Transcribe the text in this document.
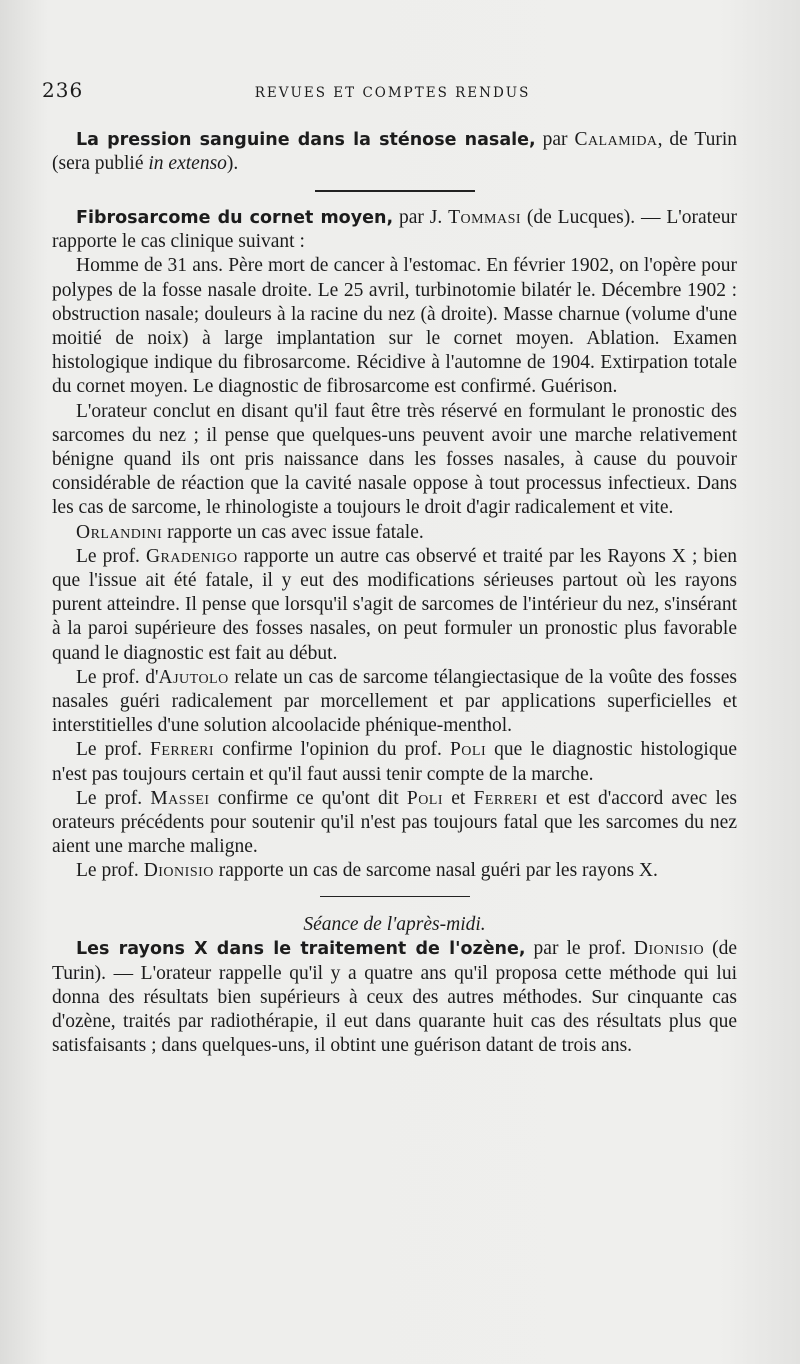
236	REVUES ET COMPTES RENDUS

La pression sanguine dans la sténose nasale, par Calamida, de Turin (sera publié in extenso).

Fibrosarcome du cornet moyen, par J. Tommasi (de Lucques). — L'orateur rapporte le cas clinique suivant :

Homme de 31 ans. Père mort de cancer à l'estomac. En février 1902, on l'opère pour polypes de la fosse nasale droite. Le 25 avril, turbinotomie bilatér le. Décembre 1902 : obstruction nasale; douleurs à la racine du nez (à droite). Masse charnue (volume d'une moitié de noix) à large implantation sur le cornet moyen. Ablation. Examen histologique indique du fibrosarcome. Récidive à l'automne de 1904. Extirpation totale du cornet moyen. Le diagnostic de fibrosarcome est confirmé. Guérison.

L'orateur conclut en disant qu'il faut être très réservé en formulant le pronostic des sarcomes du nez ; il pense que quelques-uns peuvent avoir une marche relativement bénigne quand ils ont pris naissance dans les fosses nasales, à cause du pouvoir considérable de réaction que la cavité nasale oppose à tout processus infectieux. Dans les cas de sarcome, le rhinologiste a toujours le droit d'agir radicalement et vite.

Orlandini rapporte un cas avec issue fatale.

Le prof. Gradenigo rapporte un autre cas observé et traité par les Rayons X ; bien que l'issue ait été fatale, il y eut des modifications sérieuses partout où les rayons purent atteindre. Il pense que lorsqu'il s'agit de sarcomes de l'intérieur du nez, s'insérant à la paroi supérieure des fosses nasales, on peut formuler un pronostic plus favorable quand le diagnostic est fait au début.

Le prof. d'Ajutolo relate un cas de sarcome télangiectasique de la voûte des fosses nasales guéri radicalement par morcellement et par applications superficielles et interstitielles d'une solution alcoolacide phénique-menthol.

Le prof. Ferreri confirme l'opinion du prof. Poli que le diagnostic histologique n'est pas toujours certain et qu'il faut aussi tenir compte de la marche.

Le prof. Massei confirme ce qu'ont dit Poli et Ferreri et est d'accord avec les orateurs précédents pour soutenir qu'il n'est pas toujours fatal que les sarcomes du nez aient une marche maligne.

Le prof. Dionisio rapporte un cas de sarcome nasal guéri par les rayons X.

Séance de l'après-midi.

Les rayons X dans le traitement de l'ozène, par le prof. Dionisio (de Turin). — L'orateur rappelle qu'il y a quatre ans qu'il proposa cette méthode qui lui donna des résultats bien supérieurs à ceux des autres méthodes. Sur cinquante cas d'ozène, traités par radiothérapie, il eut dans quarante huit cas des résultats plus que satisfaisants ; dans quelques-uns, il obtint une guérison datant de trois ans.
